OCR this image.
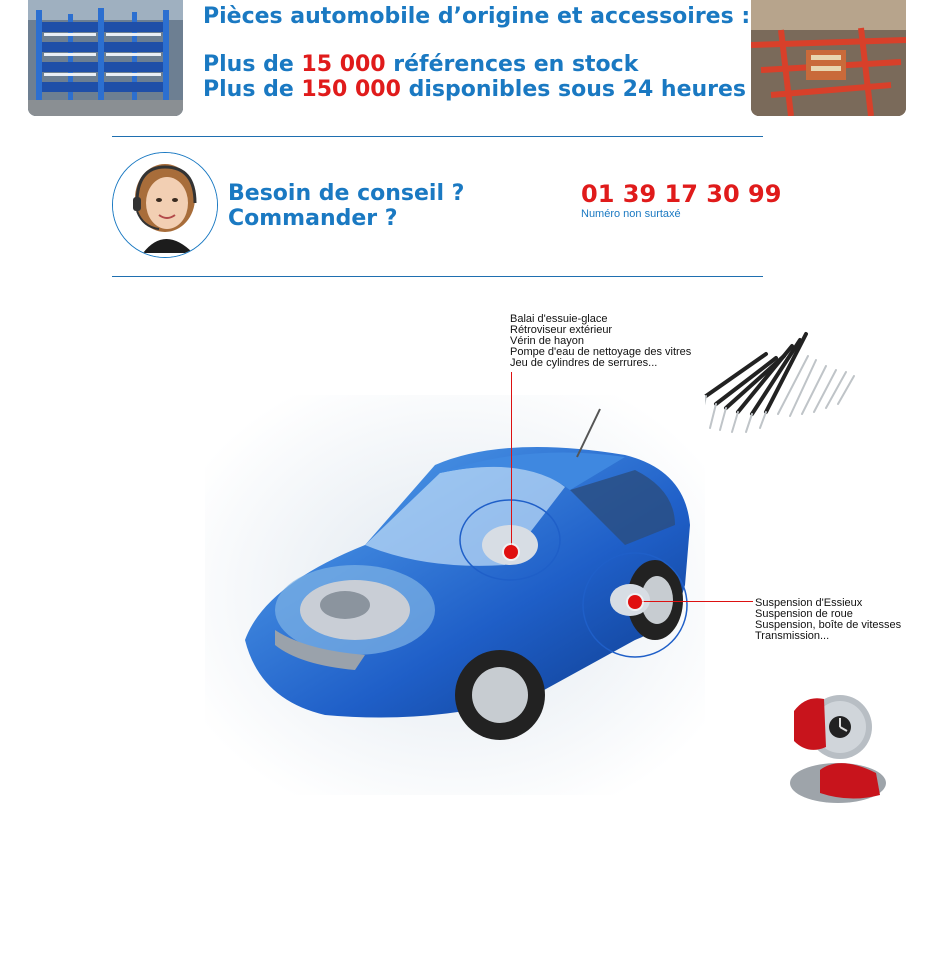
Pièces automobile d’origine et accessoires :
Plus de 15 000 références en stock
Plus de 150 000 disponibles sous 24 heures
Besoin de conseil ?
Commander ?
01 39 17 30 99
Numéro non surtaxé
Balai d'essuie-glace
Rétroviseur extérieur
Vérin de hayon
Pompe d'eau de nettoyage des vitres
Jeu de cylindres de serrures...
Suspension d'Essieux
Suspension de roue
Suspension, boîte de vitesses
Transmission...
